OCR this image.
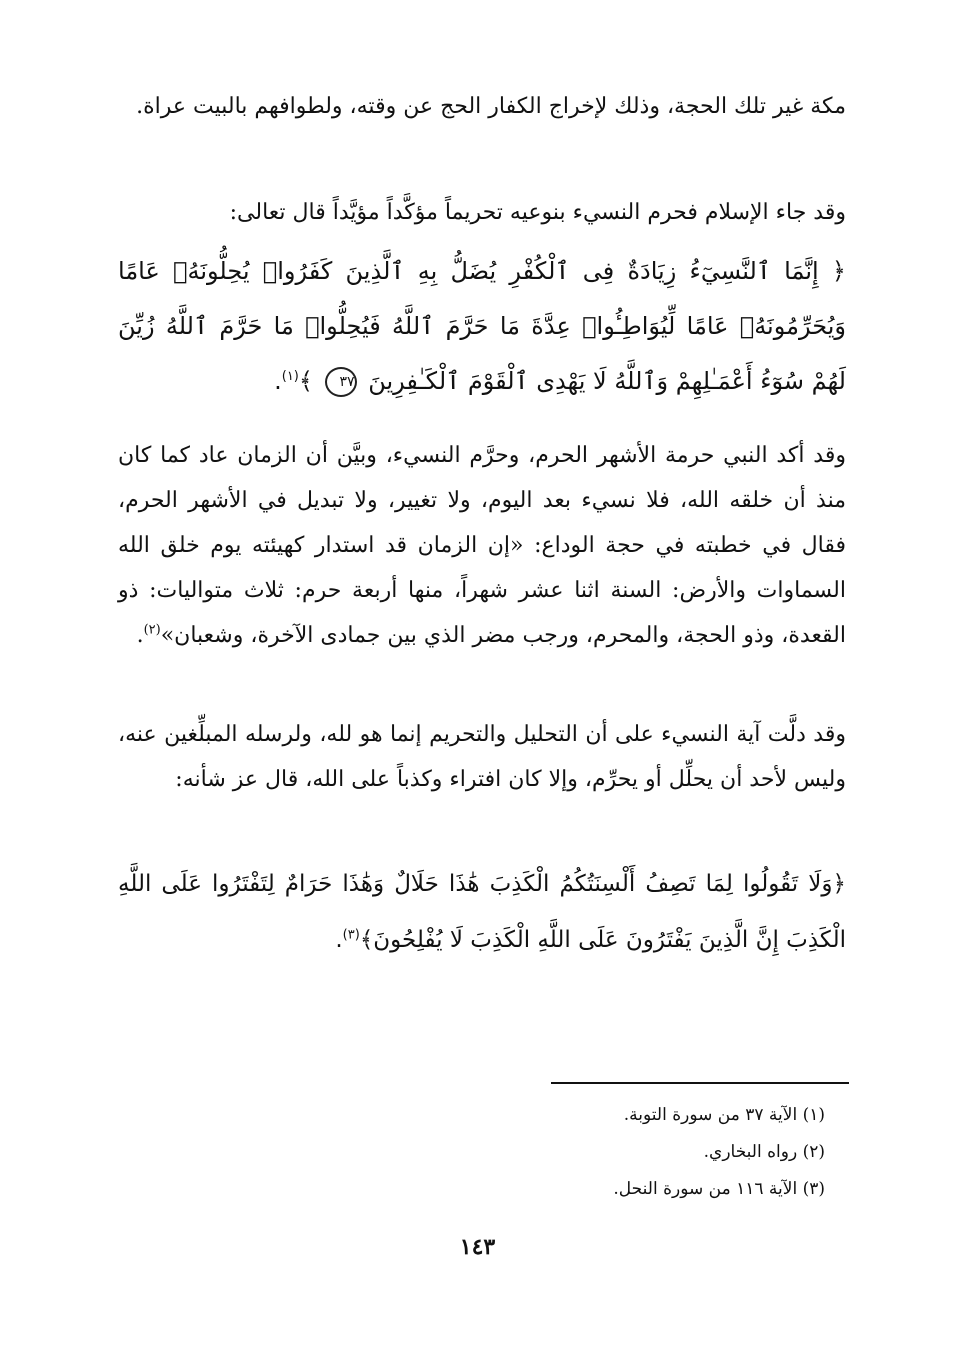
مكة غير تلك الحجة، وذلك لإخراج الكفار الحج عن وقته، ولطوافهم بالبيت عراة.

وقد جاء الإسلام فحرم النسيء بنوعيه تحريماً مؤكَّداً مؤيَّداً قال تعالى:

﴿ إِنَّمَا ٱلنَّسِيٓءُ زِيَادَةٌ فِى ٱلْكُفْرِ يُضَلُّ بِهِ ٱلَّذِينَ كَفَرُوا۟ يُحِلُّونَهُۥ عَامًا وَيُحَرِّمُونَهُۥ عَامًا لِّيُوَاطِـُٔوا۟ عِدَّةَ مَا حَرَّمَ ٱللَّهُ فَيُحِلُّوا۟ مَا حَرَّمَ ٱللَّهُ زُيِّنَ لَهُمْ سُوٓءُ أَعْمَـٰلِهِمْ وَٱللَّهُ لَا يَهْدِى ٱلْقَوْمَ ٱلْكَـٰفِرِينَ ٣٧ ﴾$^{(١)}$.

وقد أكد النبي حرمة الأشهر الحرم، وحرَّم النسيء، وبيَّن أن الزمان عاد كما كان منذ أن خلقه الله، فلا نسيء بعد اليوم، ولا تغيير، ولا تبديل في الأشهر الحرم، فقال في خطبته في حجة الوداع: «إن الزمان قد استدار كهيئته يوم خلق الله السماوات والأرض: السنة اثنا عشر شهراً، منها أربعة حرم: ثلاث متواليات: ذو القعدة، وذو الحجة، والمحرم، ورجب مضر الذي بين جمادى الآخرة، وشعبان»$^{(٢)}$.

وقد دلَّت آية النسيء على أن التحليل والتحريم إنما هو لله، ولرسله المبلِّغين عنه، وليس لأحد أن يحلِّل أو يحرِّم، وإلا كان افتراء وكذباً على الله، قال عز شأنه:

﴿وَلَا تَقُولُوا لِمَا تَصِفُ أَلْسِنَتُكُمُ الْكَذِبَ هَٰذَا حَلَالٌ وَهَٰذَا حَرَامٌ لِتَفْتَرُوا عَلَى اللَّهِ الْكَذِبَ إِنَّ الَّذِينَ يَفْتَرُونَ عَلَى اللَّهِ الْكَذِبَ لَا يُفْلِحُونَ﴾$^{(٣)}$.

(١) الآية ٣٧ من سورة التوبة.
(٢) رواه البخاري.
(٣) الآية ١١٦ من سورة النحل.
١٤٣
